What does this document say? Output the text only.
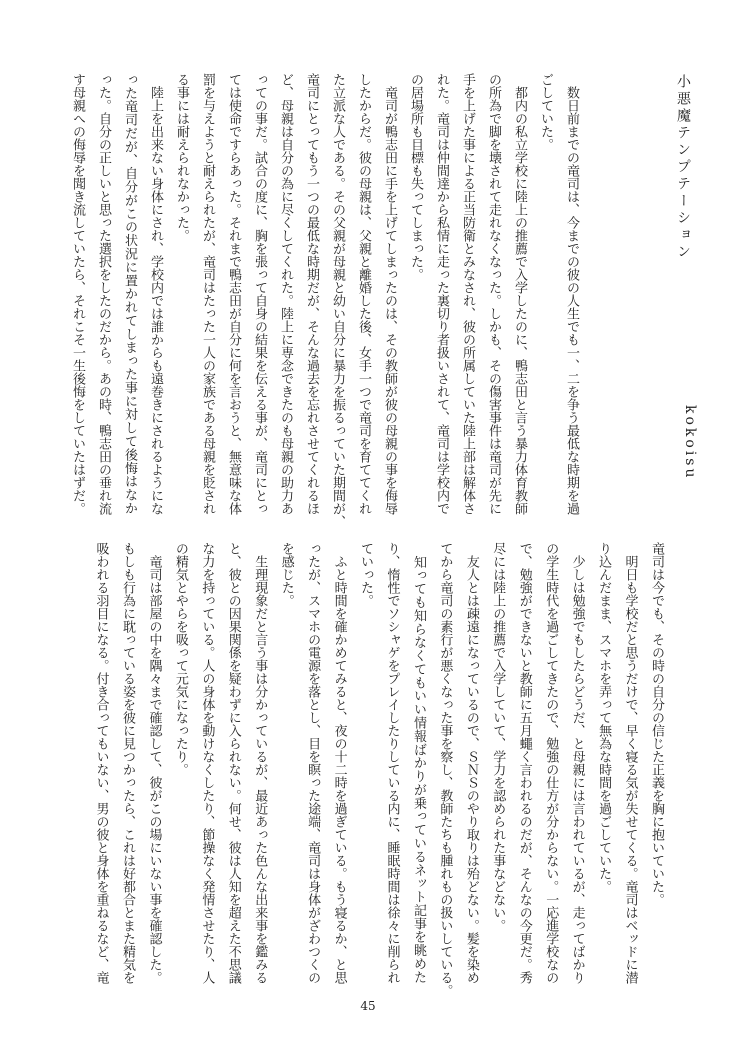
小悪魔テンプテーション
kokoisu
　数日前までの竜司は、今までの彼の人生でも一、二を争う最低な時期を過
ごしていた。
　都内の私立学校に陸上の推薦で入学したのに、鴨志田と言う暴力体育教師
の所為で脚を壊されて走れなくなった。しかも、その傷害事件は竜司が先に
手を上げた事による正当防衛とみなされ、彼の所属していた陸上部は解体さ
れた。竜司は仲間達から私情に走った裏切り者扱いされて、竜司は学校内で
の居場所も目標も失ってしまった。
　竜司が鴨志田に手を上げてしまったのは、その教師が彼の母親の事を侮辱
したからだ。彼の母親は、父親と離婚した後、女手一つで竜司を育ててくれ
た立派な人である。その父親が母親と幼い自分に暴力を振るっていた期間が、
竜司にとってもう一つの最低な時期だが、そんな過去を忘れさせてくれるほ
ど、母親は自分の為に尽くしてくれた。陸上に専念できたのも母親の助力あ
っての事だ。試合の度に、胸を張って自身の結果を伝える事が、竜司にとっ
ては使命ですらあった。それまで鴨志田が自分に何を言おうと、無意味な体
罰を与えようと耐えられたが、竜司はたった一人の家族である母親を貶され
る事には耐えられなかった。
　陸上を出来ない身体にされ、学校内では誰からも遠巻きにされるようにな
った竜司だが、自分がこの状況に置かれてしまった事に対して後悔はなか
った。自分の正しいと思った選択をしたのだから。あの時、鴨志田の垂れ流
す母親への侮辱を聞き流していたら、それこそ一生後悔をしていたはずだ。
竜司は今でも、その時の自分の信じた正義を胸に抱いていた。
　明日も学校だと思うだけで、早く寝る気が失せてくる。竜司はベッドに潜
り込んだまま、スマホを弄って無為な時間を過ごしていた。
　少しは勉強でもしたらどうだ、と母親には言われているが、走ってばかり
の学生時代を過ごしてきたので、勉強の仕方が分からない。一応進学校なの
で、勉強ができないと教師に五月蠅く言われるのだが、そんなの今更だ。秀
尽には陸上の推薦で入学していて、学力を認められた事などない。
　友人とは疎遠になっているので、ＳＮＳのやり取りは殆どない。髪を染め
てから竜司の素行が悪くなった事を察し、教師たちも腫れもの扱いしている。
　知っても知らなくてもいい情報ばかりが乗っているネット記事を眺めた
り、惰性でソシャゲをプレイしたりしている内に、睡眠時間は徐々に削られ
ていった。
　ふと時間を確かめてみると、夜の十二時を過ぎている。もう寝るか、と思
ったが、スマホの電源を落とし、目を瞑った途端、竜司は身体がざわつくの
を感じた。
　生理現象だと言う事は分かっているが、最近あった色んな出来事を鑑みる
と、彼との因果関係を疑わずに入られない。何せ、彼は人知を超えた不思議
な力を持っている。人の身体を動けなくしたり、節操なく発情させたり、人
の精気とやらを吸って元気になったり。
　竜司は部屋の中を隅々まで確認して、彼がこの場にいない事を確認した。
もしも行為に耽っている姿を彼に見つかったら、これは好都合とまた精気を
吸われる羽目になる。付き合ってもいない、男の彼と身体を重ねるなど、竜
45
